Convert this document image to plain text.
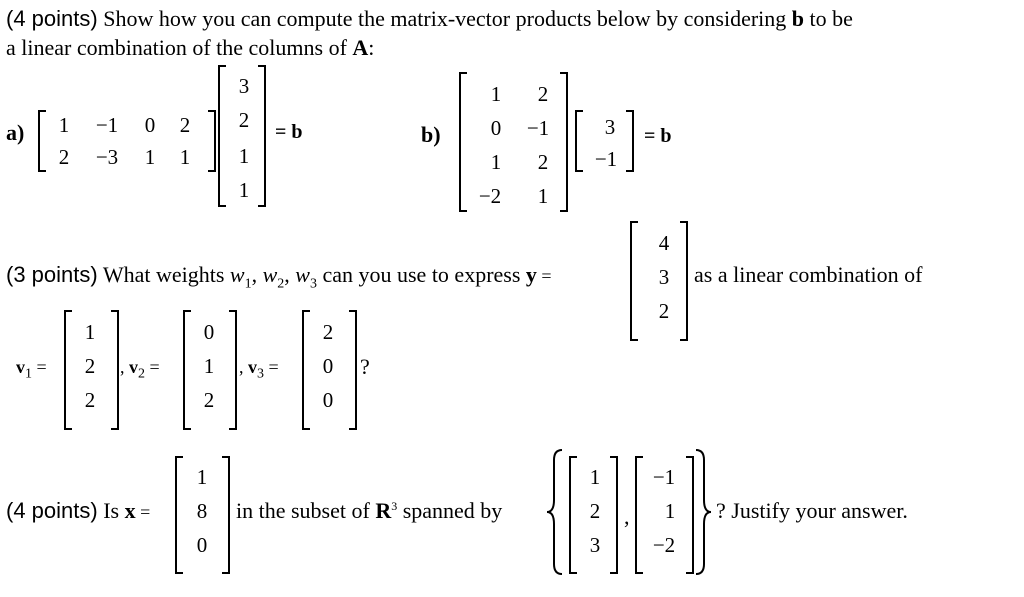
(4 points) Show how you can compute the matrix-vector products below by considering b to be
a linear combination of the columns of A:
a) 1 −1 0 2
2 −3 1 1
3
2
1
1
= b	b)
1 2
0 −1
1 2
−2 1
3
−1
= b
(3 points) What weights $w_1$, $w_2$, $w_3$ can you use to express y =
4
3
2
as a linear combination of
$v_1$ =
1
2
2
, $v_2$ =
0
1
2
, $v_3$ =
2
0
0
?
(4 points) Is x =
1
8
0
in the subset of $R^3$ spanned by
1
2
3
,
−1
1
−2
? Justify your answer.
